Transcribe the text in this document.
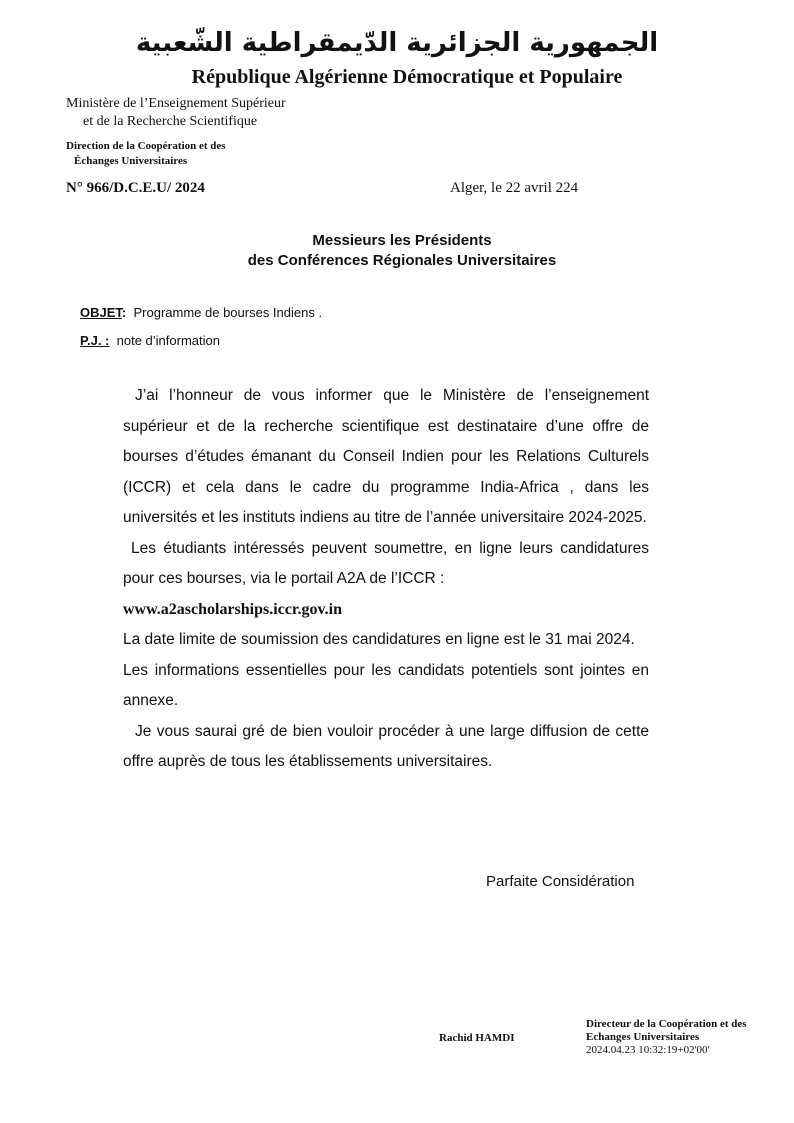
الجمهورية الجزائرية الدّيمقراطية الشّعبية
République Algérienne Démocratique et Populaire
Ministère de l’Enseignement Supérieur
et de la Recherche Scientifique
Direction de la Coopération et des
Échanges Universitaires
N° 966/D.C.E.U/ 2024	Alger, le 22 avril 224
Messieurs les Présidents
des Conférences Régionales Universitaires
OBJET: Programme de bourses Indiens .
P.J. : note d’information

J’ai l’honneur de vous informer que le Ministère de l’enseignement supérieur et de la recherche scientifique est destinataire d’une offre de bourses d’études émanant du Conseil Indien pour les Relations Culturels (ICCR) et cela dans le cadre du programme India-Africa , dans les universités et les instituts indiens au titre de l’année universitaire 2024-2025.

Les étudiants intéressés peuvent soumettre, en ligne leurs candidatures pour ces bourses, via le portail A2A de l’ICCR :

www.a2ascholarships.iccr.gov.in

La date limite de soumission des candidatures en ligne est le 31 mai 2024.

Les informations essentielles pour les candidats potentiels sont jointes en annexe.

Je vous saurai gré de bien vouloir procéder à une large diffusion de cette offre auprès de tous les établissements universitaires.

Parfaite Considération
Rachid HAMDI
Directeur de la Coopération et des
Echanges Universitaires
2024.04.23 10:32:19+02'00'
